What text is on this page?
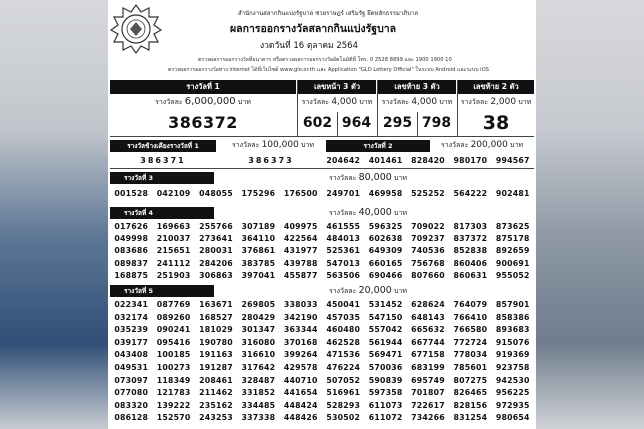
สำนักงานสลากกินแบ่งรัฐบาล ช่วยราษฎร์ เสริมรัฐ ยึดหลักธรรมาภิบาล
ผลการออกรางวัลสลากกินแบ่งรัฐบาล
งวดวันที่ 16 ตุลาคม 2564
ตรวจผลการออกรางวัลที่ธนาคาร หรือตรวจผลการออกรางวัลอัตโนมัติที่ โทร. 0 2528 8899 และ 1900 1900 10
ตรวจผลการออกรางวัลทาง internet ได้ที่เว็บไซต์ www.glo.or.th และ Application "GLO Lottery Official" ในระบบ Android และระบบ iOS
รางวัลที่ 1	เลขหน้า 3 ตัว	เลขท้าย 3 ตัว	เลขท้าย 2 ตัว
รางวัลละ 6,000,000 บาท	รางวัลละ 4,000 บาท	รางวัลละ 4,000 บาท	รางวัลละ 2,000 บาท
386372	602 964 295 798	38
รางวัลข้างเคียงรางวัลที่ 1	รางวัลละ 100,000 บาท
386371	386373
รางวัลที่ 2	รางวัลละ 200,000 บาท
204642	401461	828420	980170	994567
รางวัลที่ 3	รางวัลละ 80,000 บาท
001528	042109	048055	175296	176500	249701	469958	525252	564222	902481
รางวัลที่ 4	รางวัลละ 40,000 บาท
017626	169663	255766	307189	409975	461555	596325	709022	817303	873625
049998	210037	273641	364110	422564	484013	602638	709237	837372	875178
083686	215651	280031	376861	431977	525361	649309	740536	852838	892659
089837	241112	284206	383785	439788	547013	660165	756768	860406	900691
168875	251903	306863	397041	455877	563506	690466	807660	860631	955052
รางวัลที่ 5	รางวัลละ 20,000 บาท
022341	087769	163671	269805	338033	450041	531452	628624	764079	857901
032174	089260	168527	280429	342190	457035	547150	648143	766410	858386
035239	090241	181029	301347	363344	460480	557042	665632	766580	893683
039177	095416	190780	316080	370168	462528	561944	667744	772724	915076
043408	100185	191163	316610	399264	471536	569471	677158	778034	919369
049531	100273	191287	317642	429578	476224	570036	683199	785601	923758
073097	118349	208461	328487	440710	507052	590839	695749	807275	942530
077080	121783	211462	331852	441654	516961	597358	701807	826465	956225
083320	139222	235162	334485	448424	528293	611073	722617	828156	972935
086128	152570	243253	337338	448426	530502	611072	734266	831254	980654
